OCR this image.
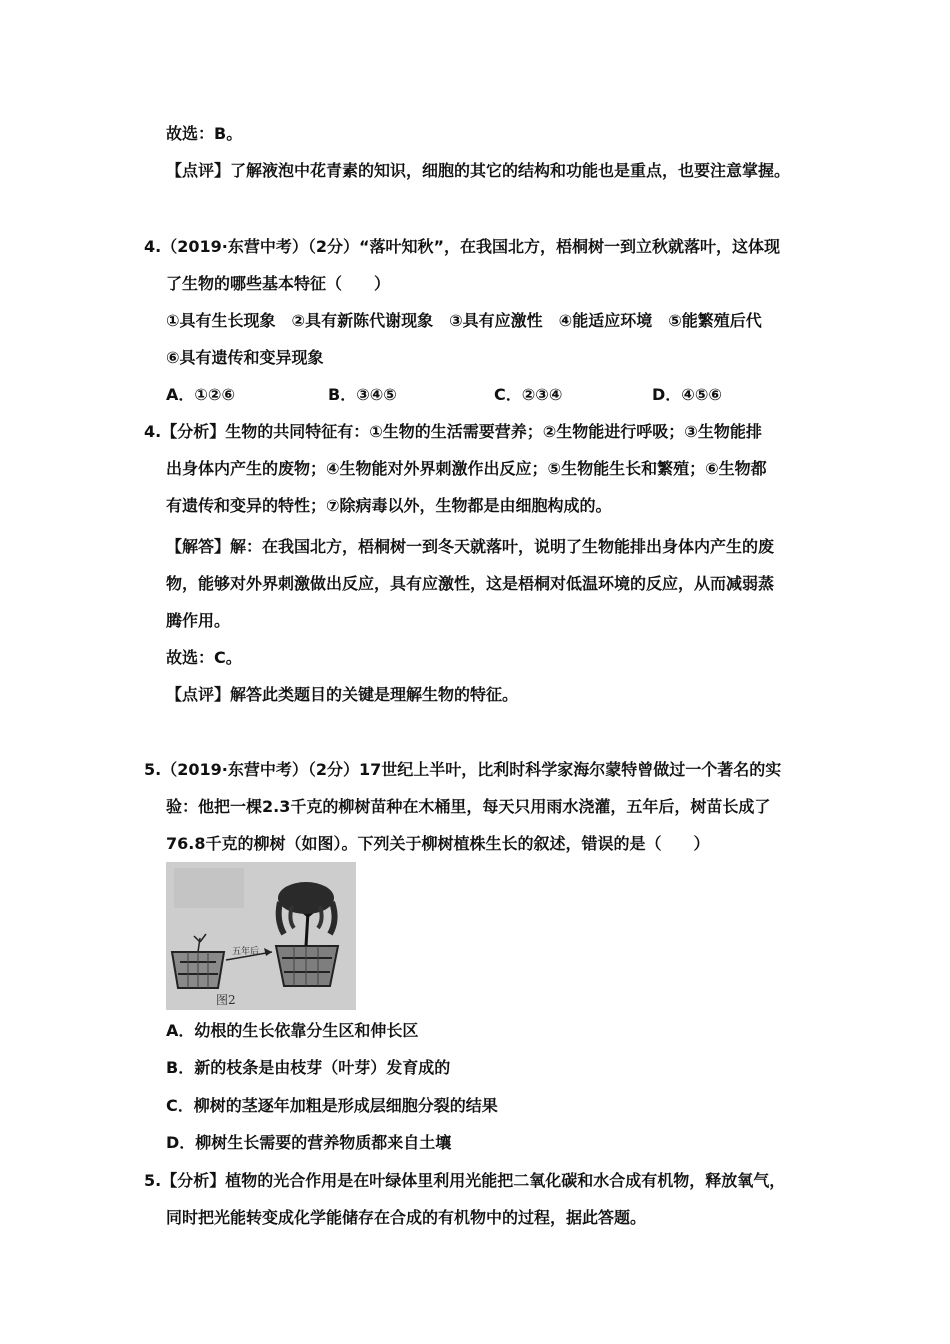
故选：B。
【点评】了解液泡中花青素的知识，细胞的其它的结构和功能也是重点，也要注意掌握。
4.（2019·东营中考）（2分）“落叶知秋”，在我国北方，梧桐树一到立秋就落叶，这体现
了生物的哪些基本特征（　　）
①具有生长现象　②具有新陈代谢现象　③具有应激性　④能适应环境　⑤能繁殖后代
⑥具有遗传和变异现象
A．①②⑥	B．③④⑤	C．②③④	D．④⑤⑥
4.【分析】生物的共同特征有：①生物的生活需要营养；②生物能进行呼吸；③生物能排
出身体内产生的废物；④生物能对外界刺激作出反应；⑤生物能生长和繁殖；⑥生物都
有遗传和变异的特性；⑦除病毒以外，生物都是由细胞构成的。
【解答】解：在我国北方，梧桐树一到冬天就落叶，说明了生物能排出身体内产生的废
物，能够对外界刺激做出反应，具有应激性，这是梧桐对低温环境的反应，从而减弱蒸
腾作用。
故选：C。
【点评】解答此类题目的关键是理解生物的特征。
5.（2019·东营中考）（2分）17世纪上半叶，比利时科学家海尔蒙特曾做过一个著名的实
验：他把一棵2.3千克的柳树苗种在木桶里，每天只用雨水浇灌，五年后，树苗长成了
76.8千克的柳树（如图）。下列关于柳树植株生长的叙述，错误的是（　　）
五年后
图2
A．幼根的生长依靠分生区和伸长区
B．新的枝条是由枝芽（叶芽）发育成的
C．柳树的茎逐年加粗是形成层细胞分裂的结果
D．柳树生长需要的营养物质都来自土壤
5.【分析】植物的光合作用是在叶绿体里利用光能把二氧化碳和水合成有机物，释放氧气，
同时把光能转变成化学能储存在合成的有机物中的过程，据此答题。
